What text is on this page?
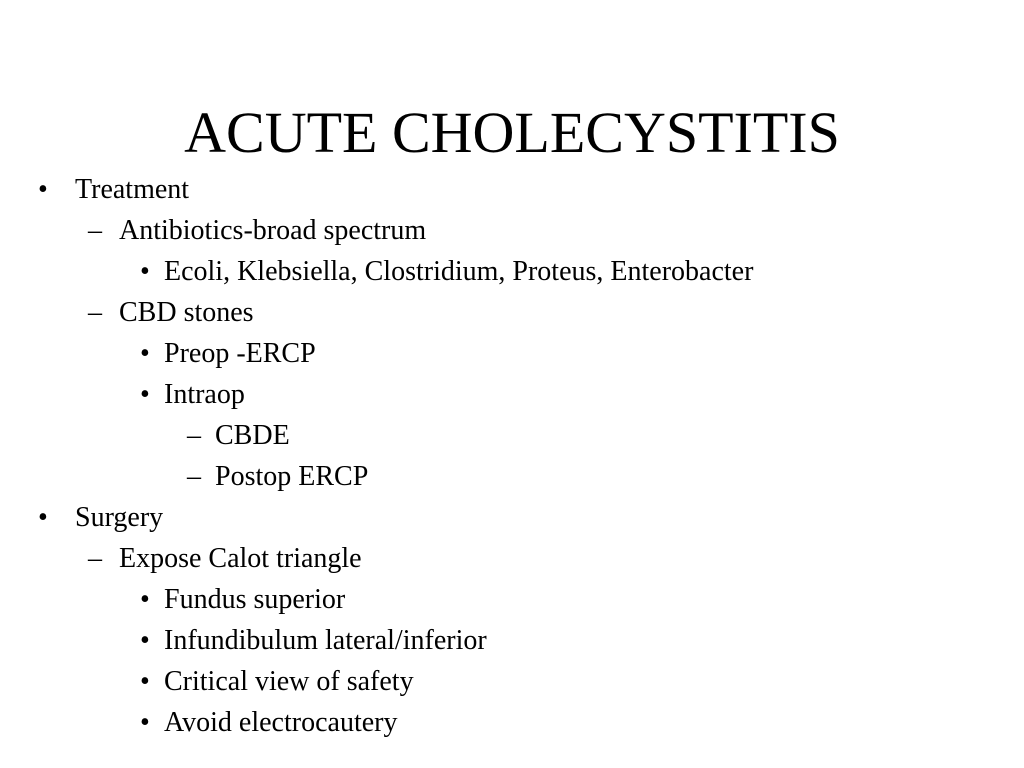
ACUTE CHOLECYSTITIS
• Treatment
– Antibiotics-broad spectrum
• Ecoli, Klebsiella, Clostridium, Proteus, Enterobacter
– CBD stones
• Preop -ERCP
• Intraop
– CBDE
– Postop ERCP
• Surgery
– Expose Calot triangle
• Fundus superior
• Infundibulum lateral/inferior
• Critical view of safety
• Avoid electrocautery
